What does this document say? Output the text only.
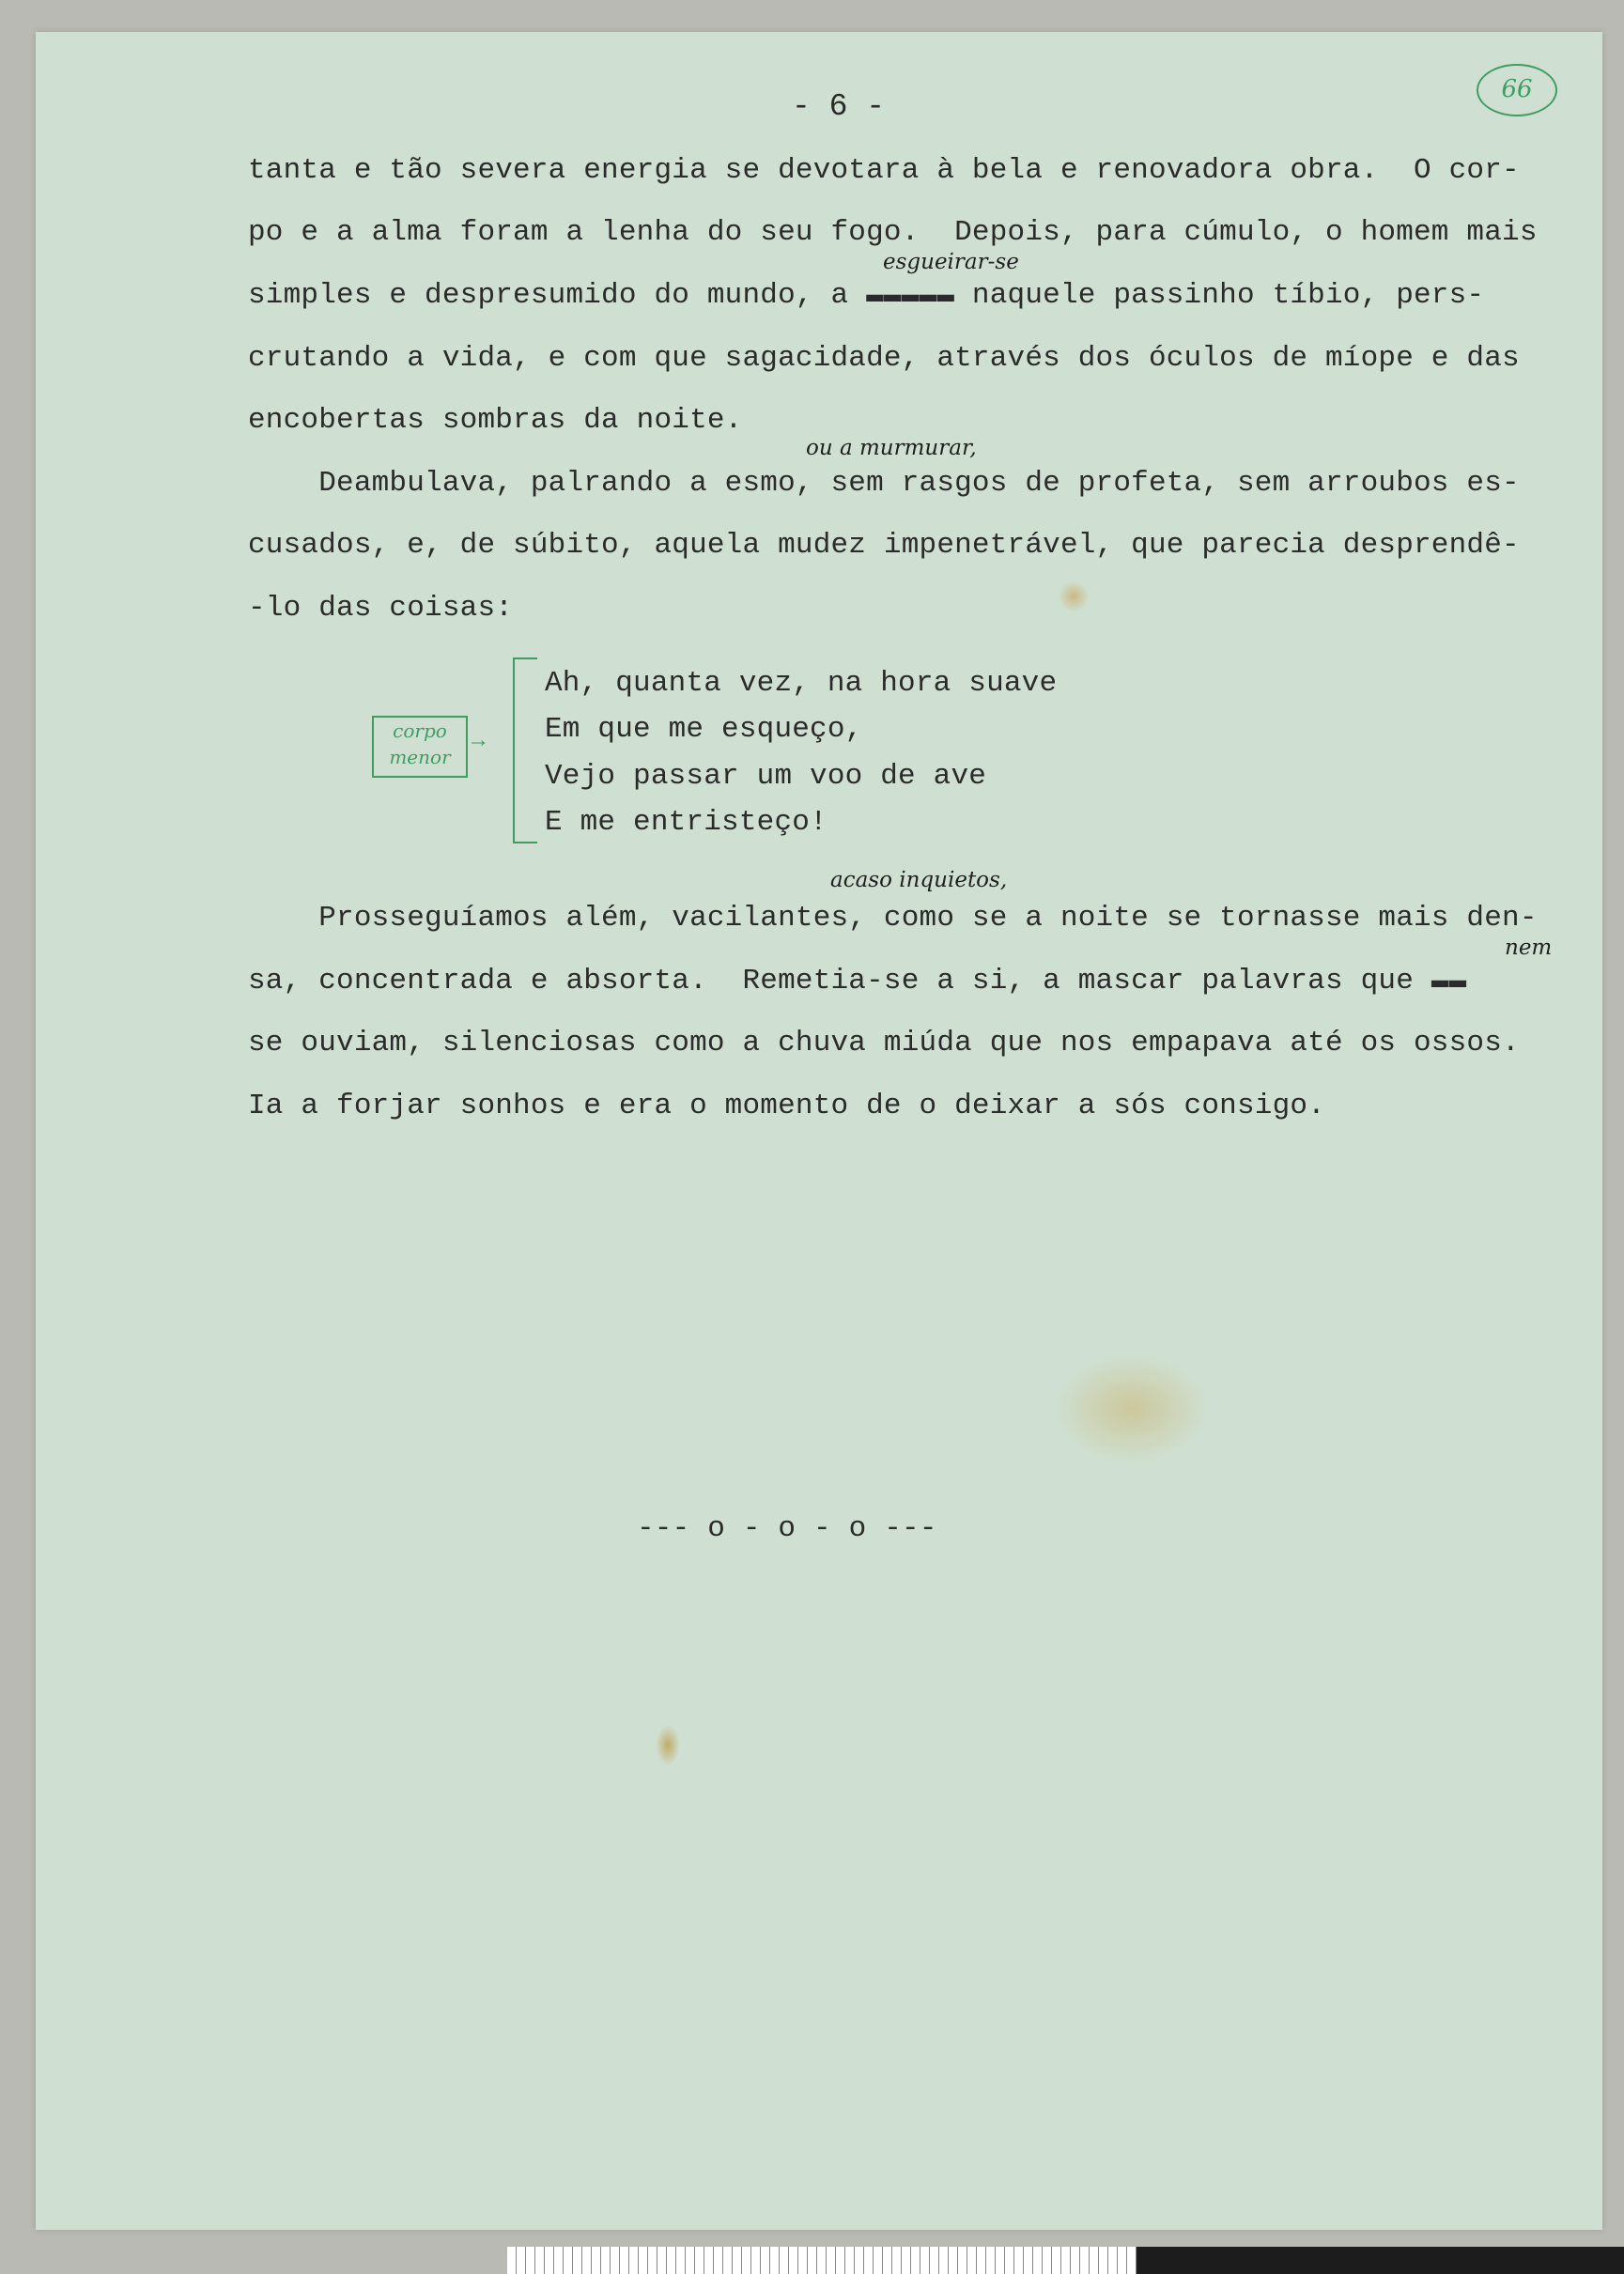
- 6 -	66
tanta e tão severa energia se devotara à bela e renovadora obra.  O cor-
po e a alma foram a lenha do seu fogo.  Depois, para cúmulo, o homem mais
esgueirar-se
simples e despresumido do mundo, a ▬▬▬▬▬ naquele passinho tíbio, pers-
crutando a vida, e com que sagacidade, através dos óculos de míope e das
encobertas sombras da noite.
ou a murmurar,
Deambulava, palrando a esmo, sem rasgos de profeta, sem arroubos es-
cusados, e, de súbito, aquela mudez impenetrável, que parecia desprendê-
-lo das coisas:
corpo menor
→
Ah, quanta vez, na hora suave
Em que me esqueço,
Vejo passar um voo de ave
E me entristeço!
acaso inquietos,
Prosseguíamos além, vacilantes, como se a noite se tornasse mais den-
nem
sa, concentrada e absorta.  Remetia-se a si, a mascar palavras que ▬▬
se ouviam, silenciosas como a chuva miúda que nos empapava até os ossos.
Ia a forjar sonhos e era o momento de o deixar a sós consigo.
--- o - o - o ---
